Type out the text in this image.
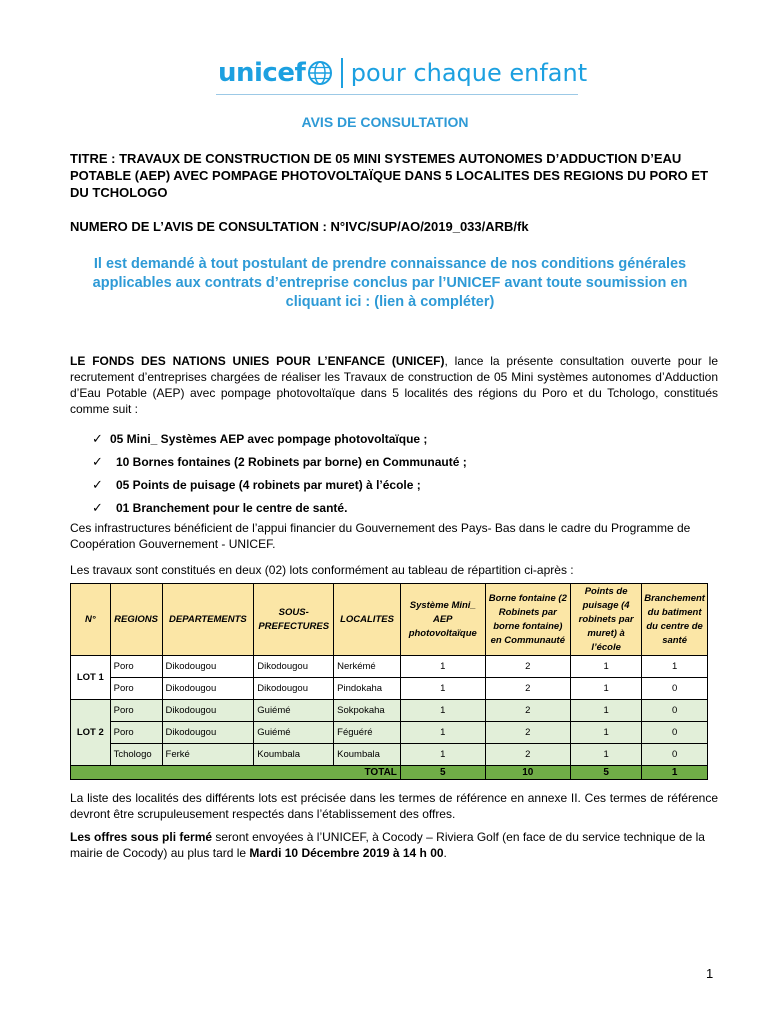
unicef pour chaque enfant
AVIS DE CONSULTATION
TITRE : TRAVAUX DE CONSTRUCTION DE 05 MINI SYSTEMES AUTONOMES D’ADDUCTION D’EAU POTABLE (AEP) AVEC POMPAGE PHOTOVOLTAÏQUE DANS 5 LOCALITES DES REGIONS DU PORO ET DU TCHOLOGO
NUMERO DE L’AVIS DE CONSULTATION : N°IVC/SUP/AO/2019_033/ARB/fk
Il est demandé à tout postulant de prendre connaissance de nos conditions générales applicables aux contrats d’entreprise conclus par l’UNICEF avant toute soumission en cliquant ici : (lien à compléter)
LE FONDS DES NATIONS UNIES POUR L’ENFANCE (UNICEF), lance la présente consultation ouverte pour le recrutement d’entreprises chargées de réaliser les Travaux de construction de 05 Mini systèmes autonomes d’Adduction d’Eau Potable (AEP) avec pompage photovoltaïque dans 5 localités des régions du Poro et du Tchologo, constitués comme suit :
✓ 05 Mini_ Systèmes AEP avec pompage photovoltaïque ;
✓	10 Bornes fontaines (2 Robinets par borne) en Communauté ;
✓	05 Points de puisage (4 robinets par muret) à l’école ;
✓	01 Branchement pour le centre de santé.
Ces infrastructures bénéficient de l’appui financier du Gouvernement des Pays- Bas dans le cadre du Programme de Coopération Gouvernement - UNICEF.
Les travaux sont constitués en deux (02) lots conformément au tableau de répartition ci-après :
N°	REGIONS	DEPARTEMENTS	SOUS-PREFECTURES	LOCALITES	Système Mini_ AEP photovoltaïque	Borne fontaine (2 Robinets par borne fontaine) en Communauté	Points de puisage (4 robinets par muret) à l’école	Branchement du batiment du centre de santé
LOT 1	Poro	Dikodougou	Dikodougou	Nerkémé	1	2	1	1
	Poro	Dikodougou	Dikodougou	Pindokaha	1	2	1	0
LOT 2	Poro	Dikodougou	Guiémé	Sokpokaha	1	2	1	0
	Poro	Dikodougou	Guiémé	Féguéré	1	2	1	0
	Tchologo	Ferké	Koumbala	Koumbala	1	2	1	0
TOTAL					5	10	5	1
La liste des localités des différents lots est précisée dans les termes de référence en annexe II. Ces termes de référence devront être scrupuleusement respectés dans l’établissement des offres.
Les offres sous pli fermé seront envoyées à l’UNICEF, à Cocody – Riviera Golf (en face de du service technique de la mairie de Cocody) au plus tard le Mardi 10 Décembre 2019 à 14 h 00.
1
